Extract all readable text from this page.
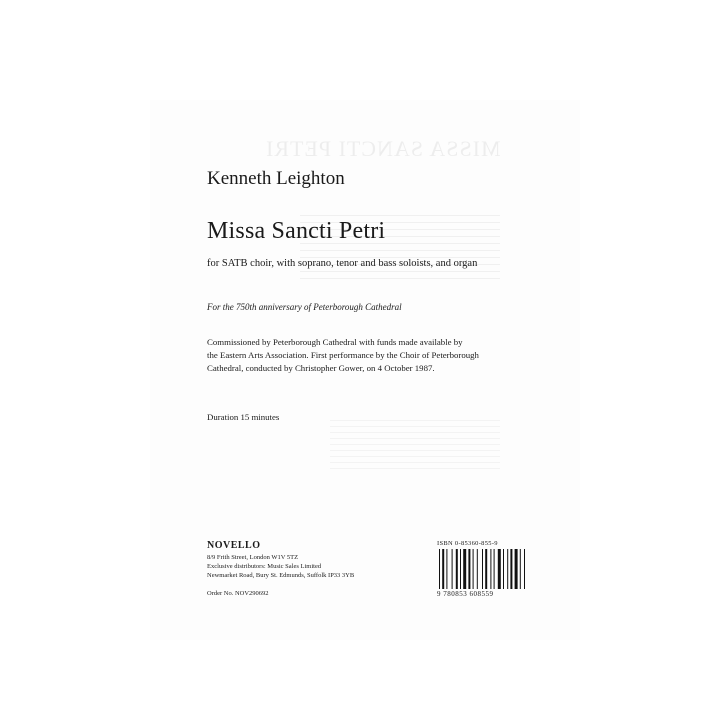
MISSA SANCTI PETRI
Kenneth Leighton
Missa Sancti Petri
for SATB choir, with soprano, tenor and bass soloists, and organ
For the 750th anniversary of Peterborough Cathedral
Commissioned by Peterborough Cathedral with funds made available by
the Eastern Arts Association. First performance by the Choir of Peterborough
Cathedral, conducted by Christopher Gower, on 4 October 1987.
Duration 15 minutes
NOVELLO
8/9 Frith Street, London W1V 5TZ
Exclusive distributors: Music Sales Limited
Newmarket Road, Bury St. Edmunds, Suffolk IP33 3YB
Order No. NOV290692
ISBN 0-85360-855-9
9 780853 608559
